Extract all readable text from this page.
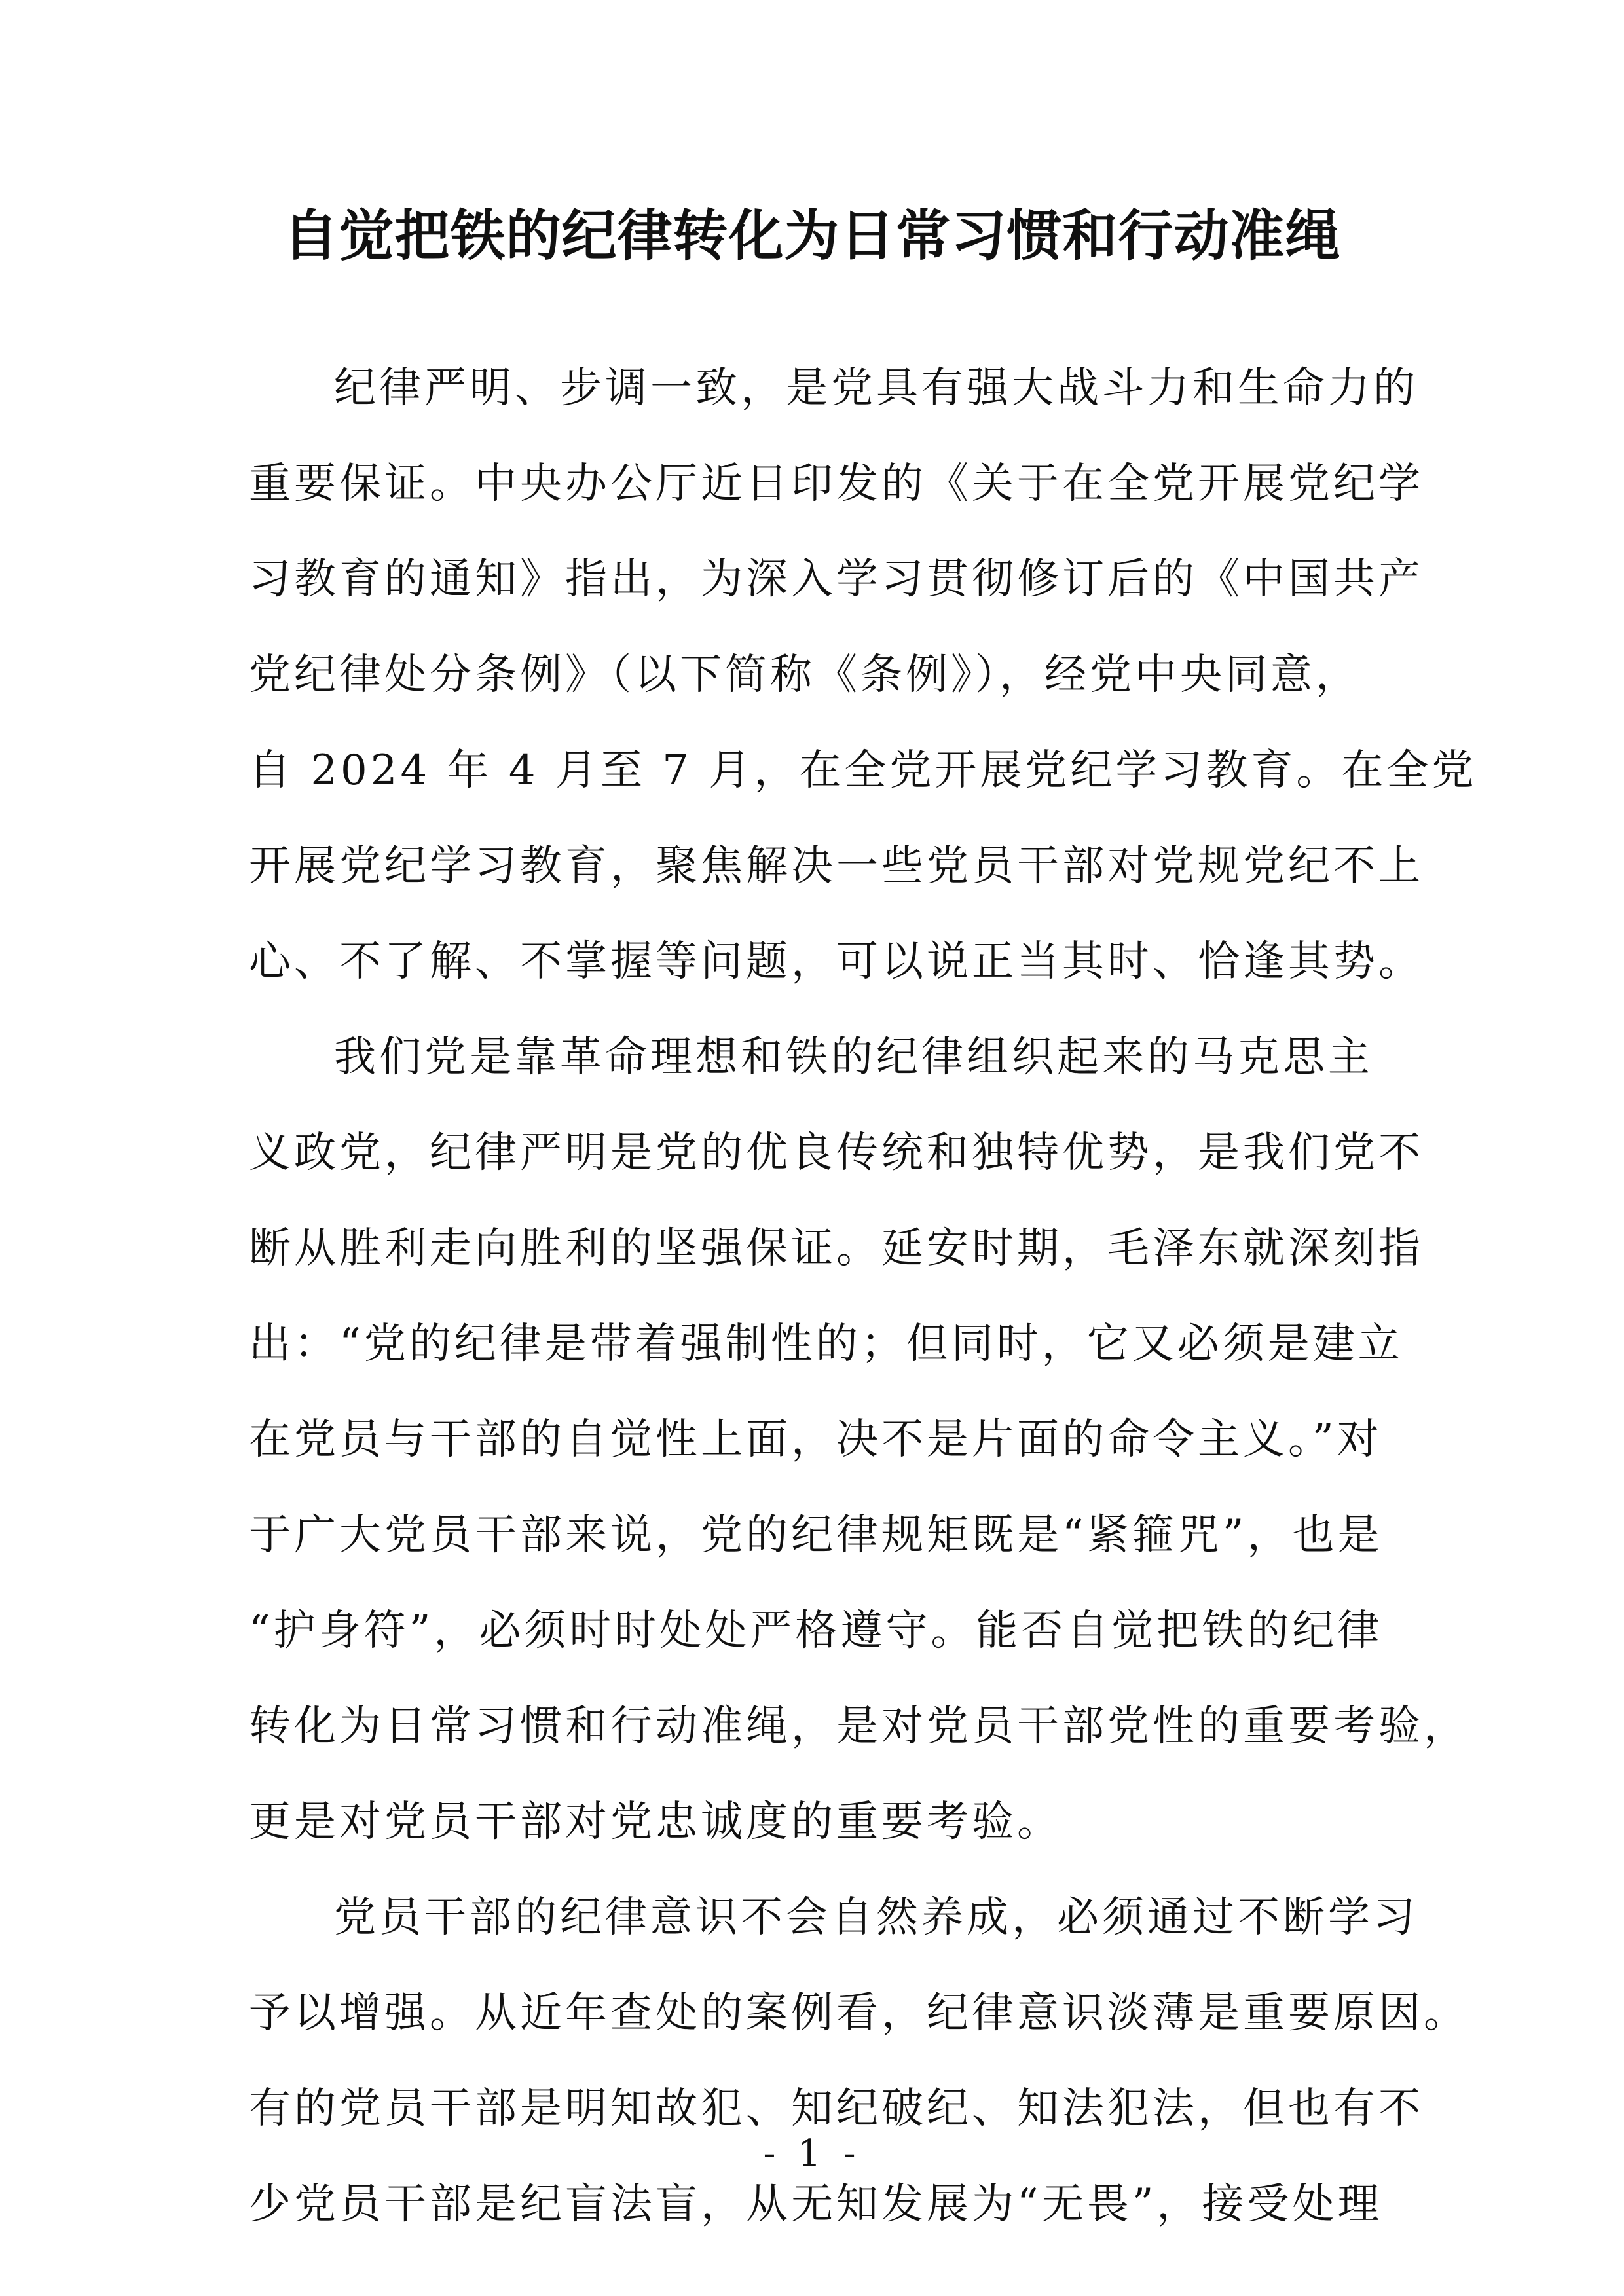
自觉把铁的纪律转化为日常习惯和行动准绳

纪律严明、步调一致，是党具有强大战斗力和生命力的
重要保证。中央办公厅近日印发的《关于在全党开展党纪学
习教育的通知》指出，为深入学习贯彻修订后的《中国共产
党纪律处分条例》（以下简称《条例》），经党中央同意，
自 2024 年 4 月至 7 月，在全党开展党纪学习教育。在全党
开展党纪学习教育，聚焦解决一些党员干部对党规党纪不上
心、不了解、不掌握等问题，可以说正当其时、恰逢其势。

我们党是靠革命理想和铁的纪律组织起来的马克思主
义政党，纪律严明是党的优良传统和独特优势，是我们党不
断从胜利走向胜利的坚强保证。延安时期，毛泽东就深刻指
出：“党的纪律是带着强制性的；但同时，它又必须是建立
在党员与干部的自觉性上面，决不是片面的命令主义。”对
于广大党员干部来说，党的纪律规矩既是“紧箍咒”，也是
“护身符”，必须时时处处严格遵守。能否自觉把铁的纪律
转化为日常习惯和行动准绳，是对党员干部党性的重要考验，
更是对党员干部对党忠诚度的重要考验。

党员干部的纪律意识不会自然养成，必须通过不断学习
予以增强。从近年查处的案例看，纪律意识淡薄是重要原因。
有的党员干部是明知故犯、知纪破纪、知法犯法，但也有不
少党员干部是纪盲法盲，从无知发展为“无畏”，接受处理

- 1 -
